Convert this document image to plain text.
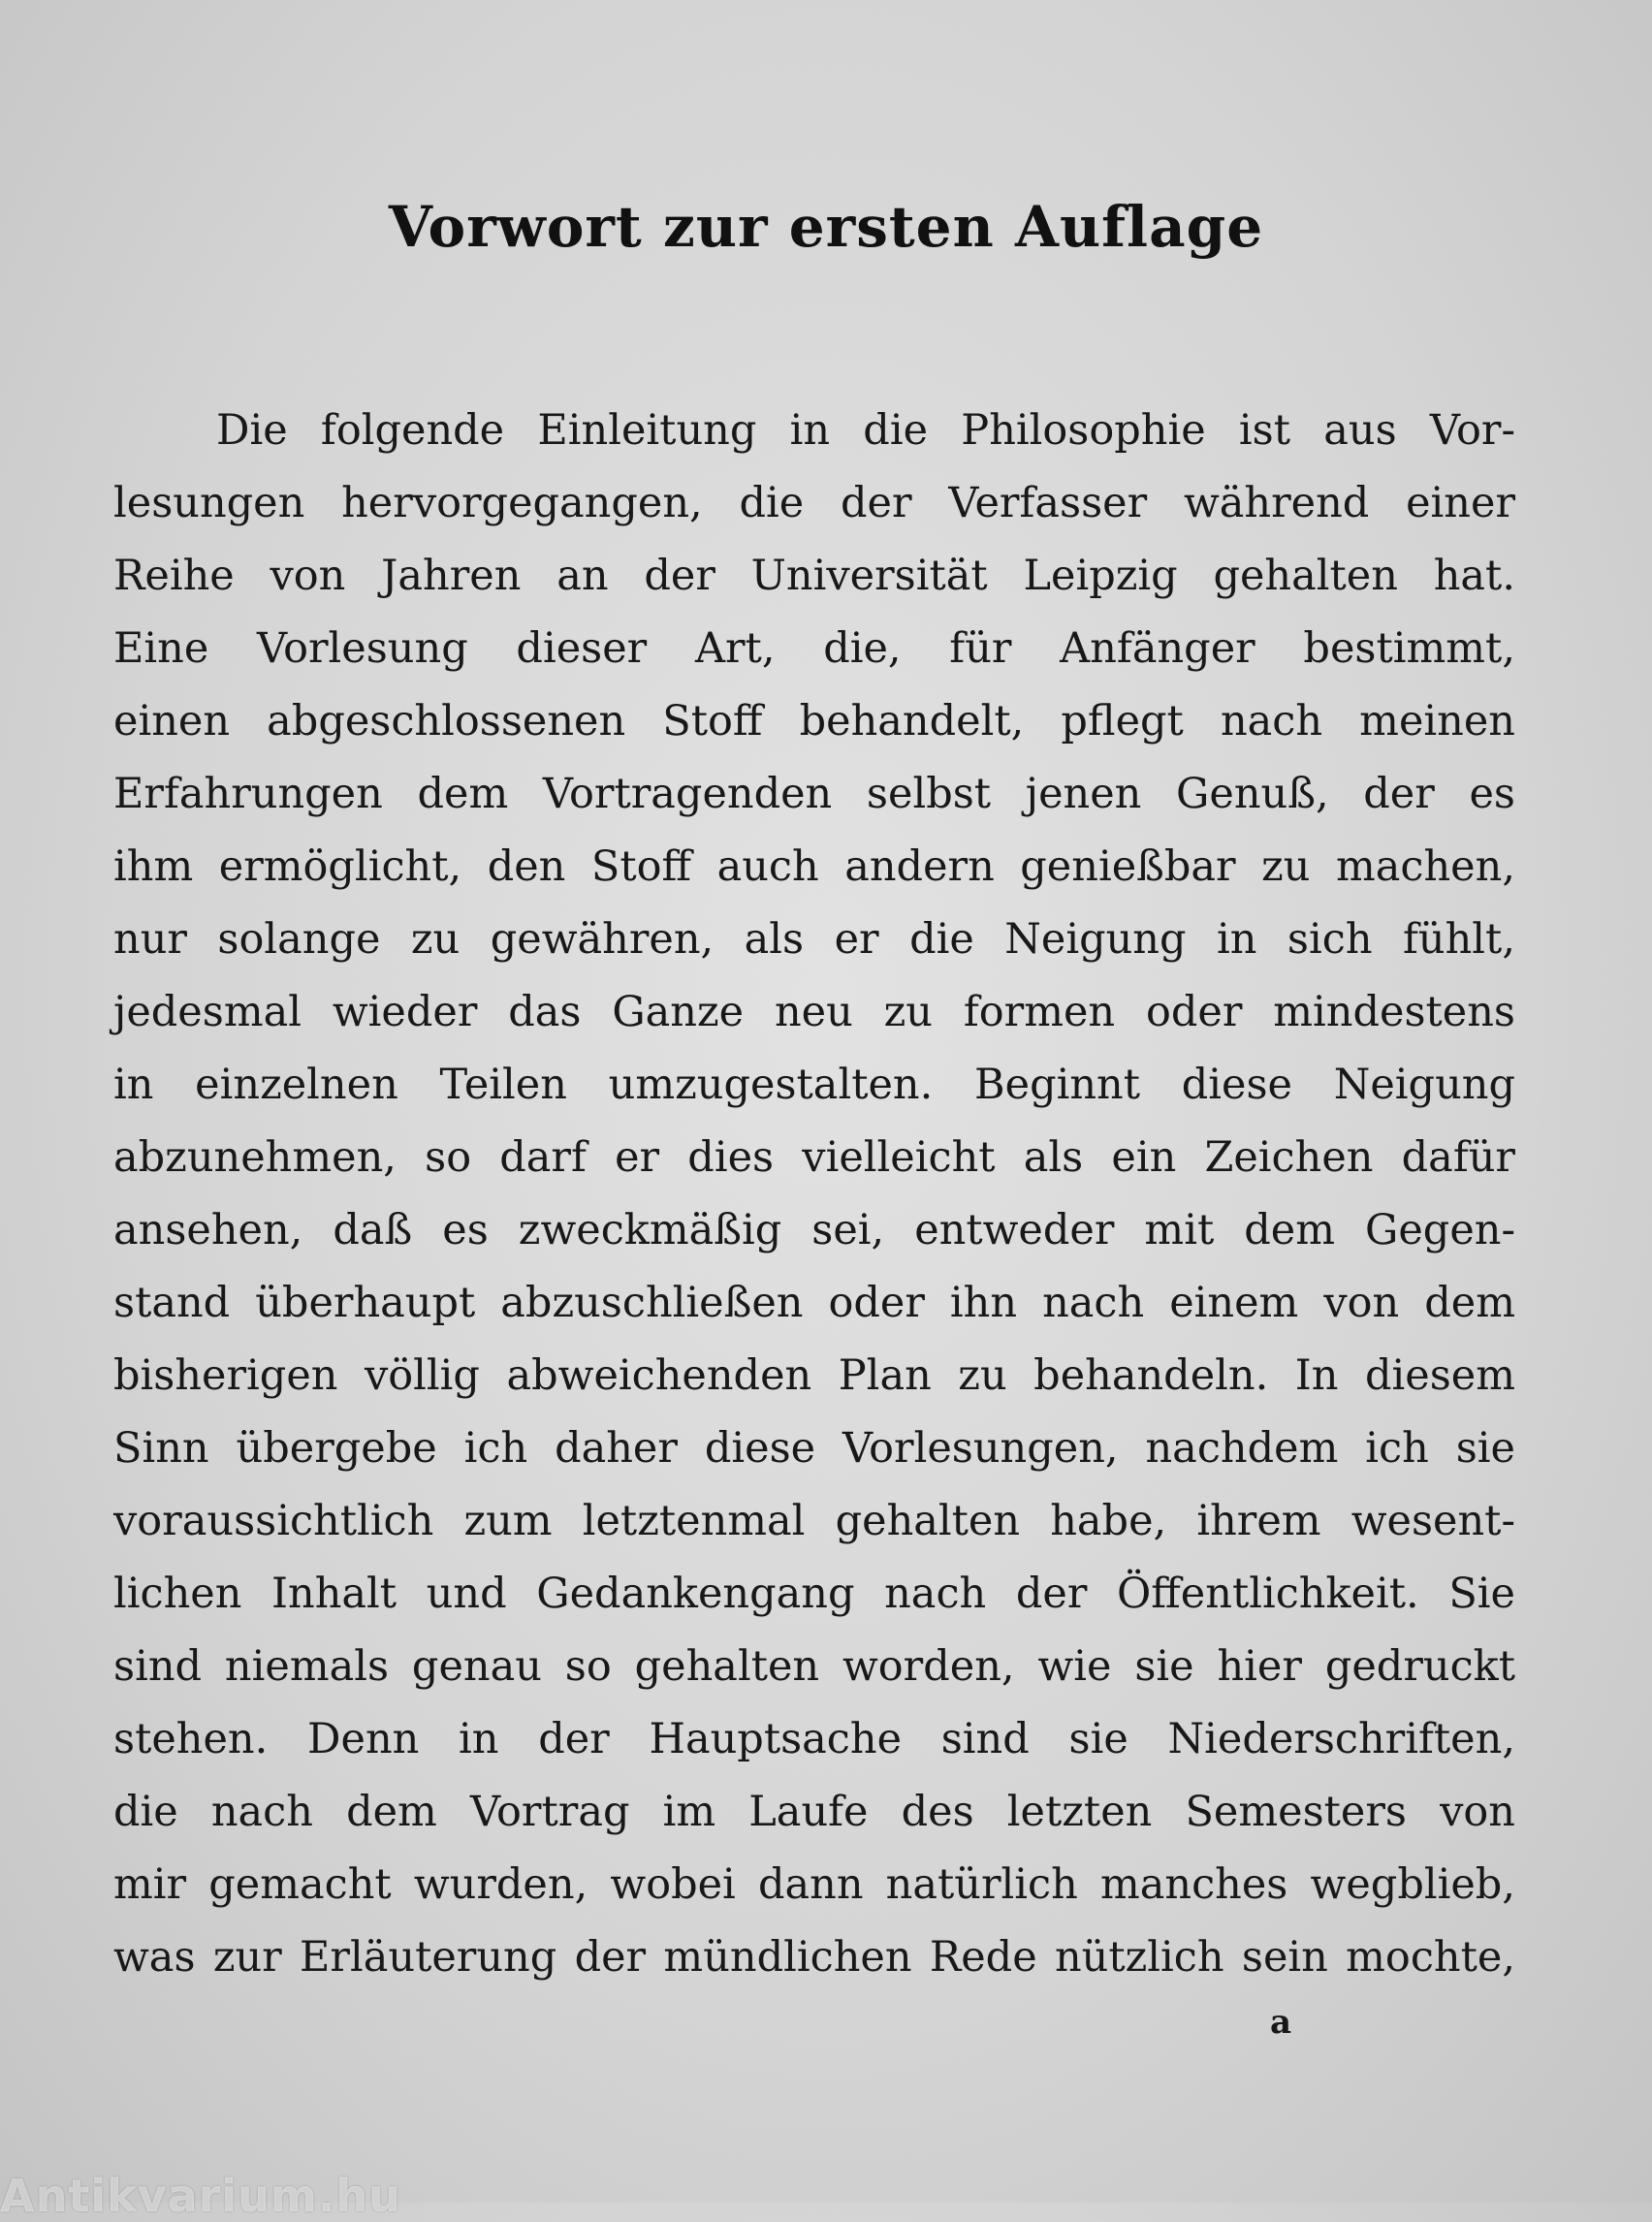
Vorwort zur ersten Auflage
Die folgende Einleitung in die Philosophie ist aus Vor-
lesungen hervorgegangen, die der Verfasser während einer
Reihe von Jahren an der Universität Leipzig gehalten hat.
Eine Vorlesung dieser Art, die, für Anfänger bestimmt,
einen abgeschlossenen Stoff behandelt, pflegt nach meinen
Erfahrungen dem Vortragenden selbst jenen Genuß, der es
ihm ermöglicht, den Stoff auch andern genießbar zu machen,
nur solange zu gewähren, als er die Neigung in sich fühlt,
jedesmal wieder das Ganze neu zu formen oder mindestens
in einzelnen Teilen umzugestalten. Beginnt diese Neigung
abzunehmen, so darf er dies vielleicht als ein Zeichen dafür
ansehen, daß es zweckmäßig sei, entweder mit dem Gegen-
stand überhaupt abzuschließen oder ihn nach einem von dem
bisherigen völlig abweichenden Plan zu behandeln. In diesem
Sinn übergebe ich daher diese Vorlesungen, nachdem ich sie
voraussichtlich zum letztenmal gehalten habe, ihrem wesent-
lichen Inhalt und Gedankengang nach der Öffentlichkeit. Sie
sind niemals genau so gehalten worden, wie sie hier gedruckt
stehen. Denn in der Hauptsache sind sie Niederschriften,
die nach dem Vortrag im Laufe des letzten Semesters von
mir gemacht wurden, wobei dann natürlich manches wegblieb,
was zur Erläuterung der mündlichen Rede nützlich sein mochte,
a
Antikvarium.hu
